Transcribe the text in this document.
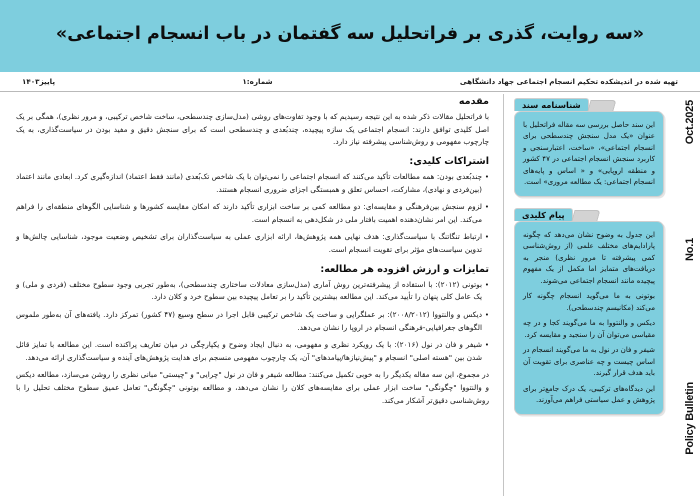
«سه روایت، گذری بر فراتحلیل سه گفتمان در باب انسجام اجتماعی»
تهیه شده در اندیشکده تحکیم انسجام اجتماعی جهاد دانشگاهی
شماره:۱
پاییز۱۴۰۳
Oct.2025
No.1
Policy Bulletin
شناسنامه سند

این سند حاصل بررسی سه مقاله فراتحلیل با عنوان «یک مدل سنجش چندسطحی برای انسجام اجتماعی»، «ساخت، اعتبارسنجی و کاربرد سنجش انسجام اجتماعی در ۴۷ کشور و منطقه اروپایی» و « اساس و پایه‌های انسجام اجتماعی: یک مطالعه مروری» است.

پیام کلیدی

این جدول به وضوح نشان می‌دهد که چگونه پارادایم‌های مختلف علمی (از روش‌شناسی کمی پیشرفته تا مرور نظری) منجر به دریافت‌های متمایز اما مکمل از یک مفهوم پیچیده مانند انسجام اجتماعی می‌شوند.

بوتونی به ما می‌گوید انسجام چگونه کار می‌کند (مکانیسم چندسطحی).

دیکس و والنتووا به ما می‌گویند کجا و در چه مقیاسی می‌توان آن را سنجید و مقایسه کرد.

شیفر و فان در نول به ما می‌گویند انسجام در اساس چیست و چه عناصری برای تقویت آن باید هدف قرار گیرند.

این دیدگاه‌های ترکیبی، یک درک جامع‌تر برای پژوهش و عمل سیاستی فراهم می‌آورند.

مقدمه

با فراتحلیل مقالات ذکر شده به این نتیجه رسیدیم که با وجود تفاوت‌های روشی (مدل‌سازی چندسطحی، ساخت شاخص ترکیبی، و مرور نظری)، همگی بر یک اصل کلیدی توافق دارند: انسجام اجتماعی یک سازه پیچیده، چندبُعدی و چندسطحی است که برای سنجش دقیق و مفید بودن در سیاست‌گذاری، به یک چارچوب مفهومی و روش‌شناسی پیشرفته نیاز دارد.

اشتراکات کلیدی:

• چندبُعدی بودن: همه مطالعات تأکید می‌کنند که انسجام اجتماعی را نمی‌توان با یک شاخص تک‌بُعدی (مانند فقط اعتماد) اندازه‌گیری کرد. ابعادی مانند اعتماد (بین‌فردی و نهادی)، مشارکت، احساس تعلق و همبستگی اجزای ضروری انسجام هستند.

• لزوم سنجش بین‌فرهنگی و مقایسه‌ای: دو مطالعه کمی بر ساخت ابزاری تأکید دارند که امکان مقایسه کشورها و شناسایی الگوهای منطقه‌ای را فراهم می‌کند. این امر نشان‌دهنده اهمیت بافتار ملی در شکل‌دهی به انسجام است.

• ارتباط تنگاتنگ با سیاست‌گذاری: هدف نهایی همه پژوهش‌ها، ارائه ابزاری عملی به سیاست‌گذاران برای تشخیص وضعیت موجود، شناسایی چالش‌ها و تدوین سیاست‌های مؤثر برای تقویت انسجام است.

تمایزات و ارزش افزوده هر مطالعه:

• بوتونی (۲۰۱۲): با استفاده از پیشرفته‌ترین روش آماری (مدل‌سازی معادلات ساختاری چندسطحی)، به‌طور تجربی وجود سطوح مختلف (فردی و ملی) و یک عامل کلی پنهان را تأیید می‌کند. این مطالعه بیشترین تأکید را بر تعامل پیچیده بین سطوح خرد و کلان دارد.

• دیکس و والنتووا (۲۰۰۸/۲۰۱۲): بر عملگرایی و ساخت یک شاخص ترکیبی قابل اجرا در سطح وسیع (۴۷ کشور) تمرکز دارد. یافته‌های آن به‌طور ملموس الگوهای جغرافیایی-فرهنگی انسجام در اروپا را نشان می‌دهد.

• شیفر و فان در نول (۲۰۱۶): با یک رویکرد نظری و مفهومی، به دنبال ایجاد وضوح و یکپارچگی در میان تعاریف پراکنده است. این مطالعه با تمایز قائل شدن بین "هسته اصلی" انسجام و "پیش‌نیازها/پیامدهای" آن، یک چارچوب مفهومی منسجم برای هدایت پژوهش‌های آینده و سیاست‌گذاری ارائه می‌دهد.

در مجموع، این سه مقاله یکدیگر را به خوبی تکمیل می‌کنند: مطالعه شیفر و فان در نول "چرایی" و "چیستی" مبانی نظری را روشن می‌سازد، مطالعه دیکس و والنتووا "چگونگی" ساخت ابزار عملی برای مقایسه‌های کلان را نشان می‌دهد، و مطالعه بوتونی "چگونگی" تعامل عمیق سطوح مختلف تحلیل را با روش‌شناسی دقیق‌تر آشکار می‌کند.
